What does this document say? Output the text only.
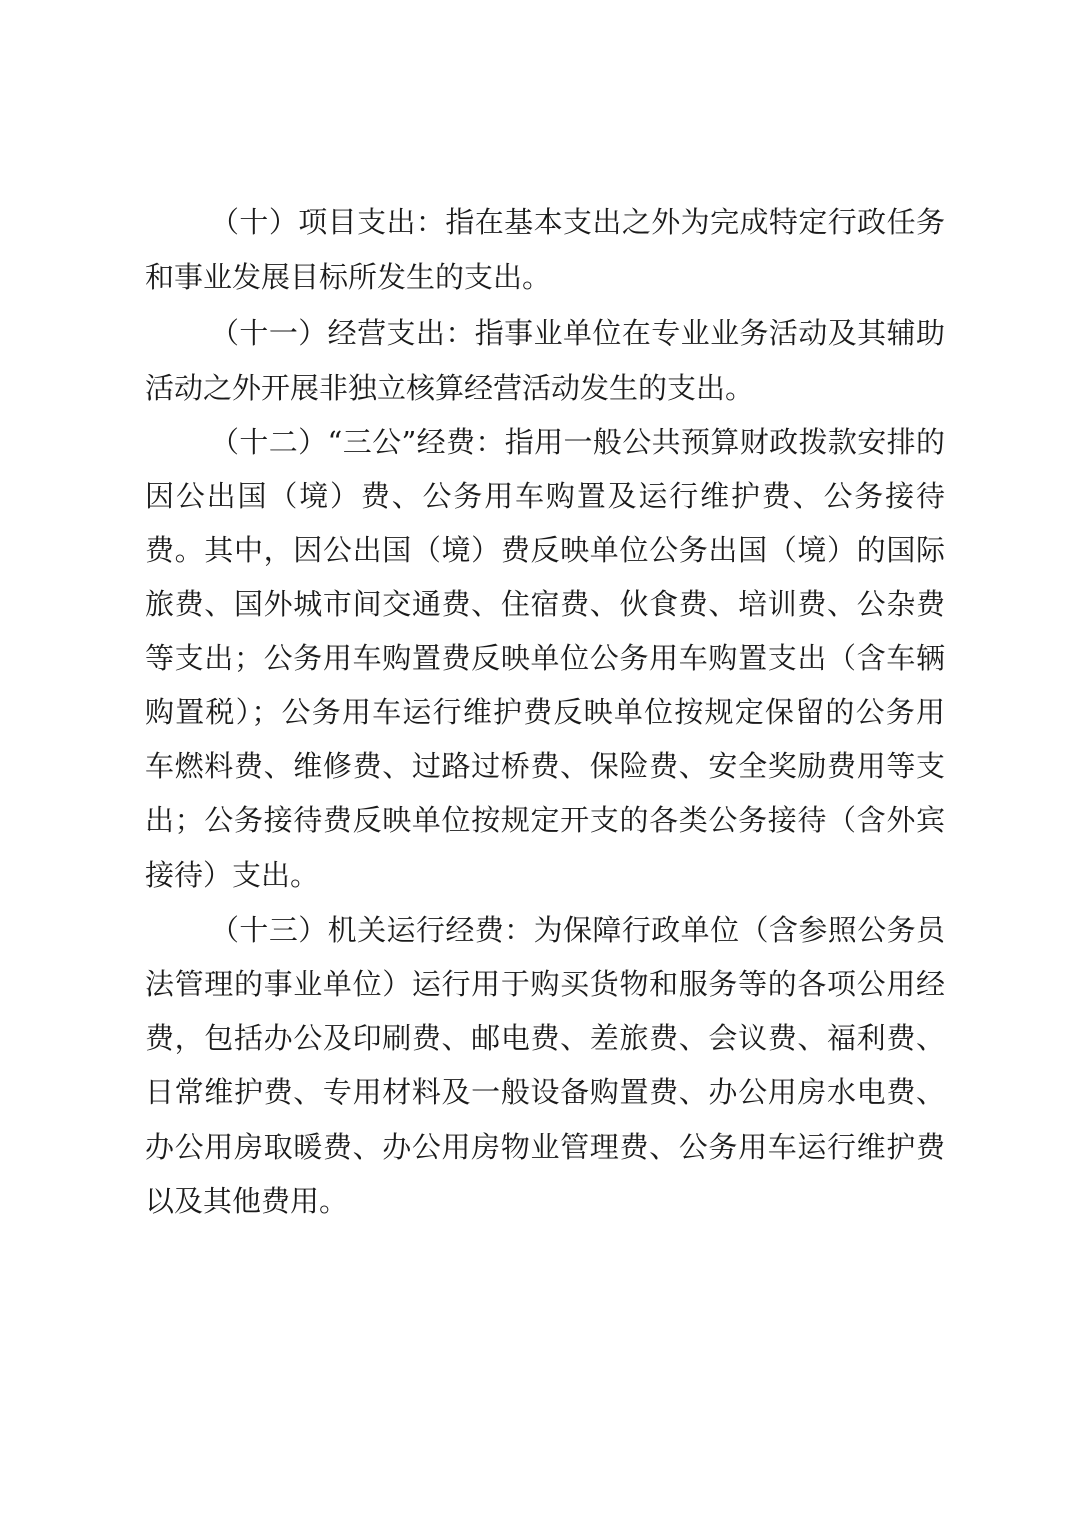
（十）项目支出：指在基本支出之外为完成特定行政任务
和事业发展目标所发生的支出。
（十一）经营支出：指事业单位在专业业务活动及其辅助
活动之外开展非独立核算经营活动发生的支出。
（十二）“三公”经费：指用一般公共预算财政拨款安排的
因公出国（境）费、公务用车购置及运行维护费、公务接待
费。其中，因公出国（境）费反映单位公务出国（境）的国际
旅费、国外城市间交通费、住宿费、伙食费、培训费、公杂费
等支出；公务用车购置费反映单位公务用车购置支出（含车辆
购置税）；公务用车运行维护费反映单位按规定保留的公务用
车燃料费、维修费、过路过桥费、保险费、安全奖励费用等支
出；公务接待费反映单位按规定开支的各类公务接待（含外宾
接待）支出。
（十三）机关运行经费：为保障行政单位（含参照公务员
法管理的事业单位）运行用于购买货物和服务等的各项公用经
费，包括办公及印刷费、邮电费、差旅费、会议费、福利费、
日常维护费、专用材料及一般设备购置费、办公用房水电费、
办公用房取暖费、办公用房物业管理费、公务用车运行维护费
以及其他费用。
